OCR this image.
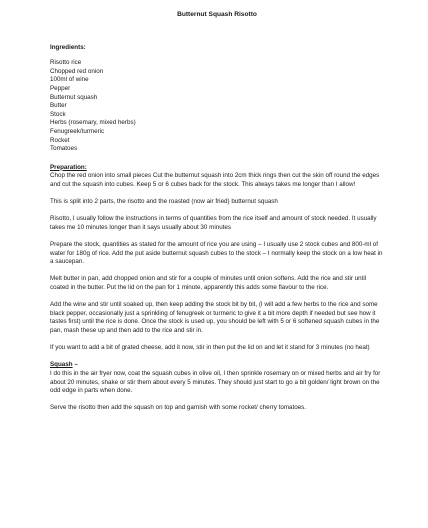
Butternut Squash Risotto
Ingredients:
Risotto rice
Chopped red onion
100ml of wine
Pepper
Butternut squash
Butter
Stock
Herbs (rosemary, mixed herbs)
Fenugreek/turmeric
Rocket
Tomatoes
Preparation:

Chop the red onion into small pieces Cut the butternut squash into 2cm thick rings then cut the skin off round the edges and cut the squash into cubes. Keep 5 or 6 cubes back for the stock. This always takes me longer than I allow!

This is split into 2 parts, the risotto and the roasted (now air fried) butternut squash

Risotto, I usually follow the instructions in terms of quantities from the rice itself and amount of stock needed. It usually takes me 10 minutes longer than it says usually about 30 minutes

Prepare the stock, quantities as stated for the amount of rice you are using – I usually use 2 stock cubes and 800-ml of water for 180g of rice. Add the put aside butternut squash cubes to the stock – I normally keep the stock on a low heat in a saucepan.

Melt butter in pan, add chopped onion and stir for a couple of minutes until onion softens. Add the rice and stir until coated in the butter. Put the lid on the pan for 1 minute, apparently this adds some flavour to the rice.

Add the wine and stir until soaked up, then keep adding the stock bit by bit, (I will add a few herbs to the rice and some black pepper, occasionally just a sprinkling of fenugreek or turmeric to give it a bit more depth if needed but see how it tastes first) until the rice is done. Once the stock is used up, you should be left with 5 or 6 softened squash cubes in the pan, mash these up and then add to the rice and stir in.

If you want to add a bit of grated cheese, add it now, stir in then put the lid on and let it stand for 3 minutes (no heat)

Squash –

I do this in the air fryer now, coat the squash cubes in olive oil, I then sprinkle rosemary on or mixed herbs and air fry for about 20 minutes, shake or stir them about every 5 minutes. They should just start to go a bit golden/ light brown on the odd edge in parts when done.

Serve the risotto then add the squash on top and garnish with some rocket/ cherry tomatoes.
